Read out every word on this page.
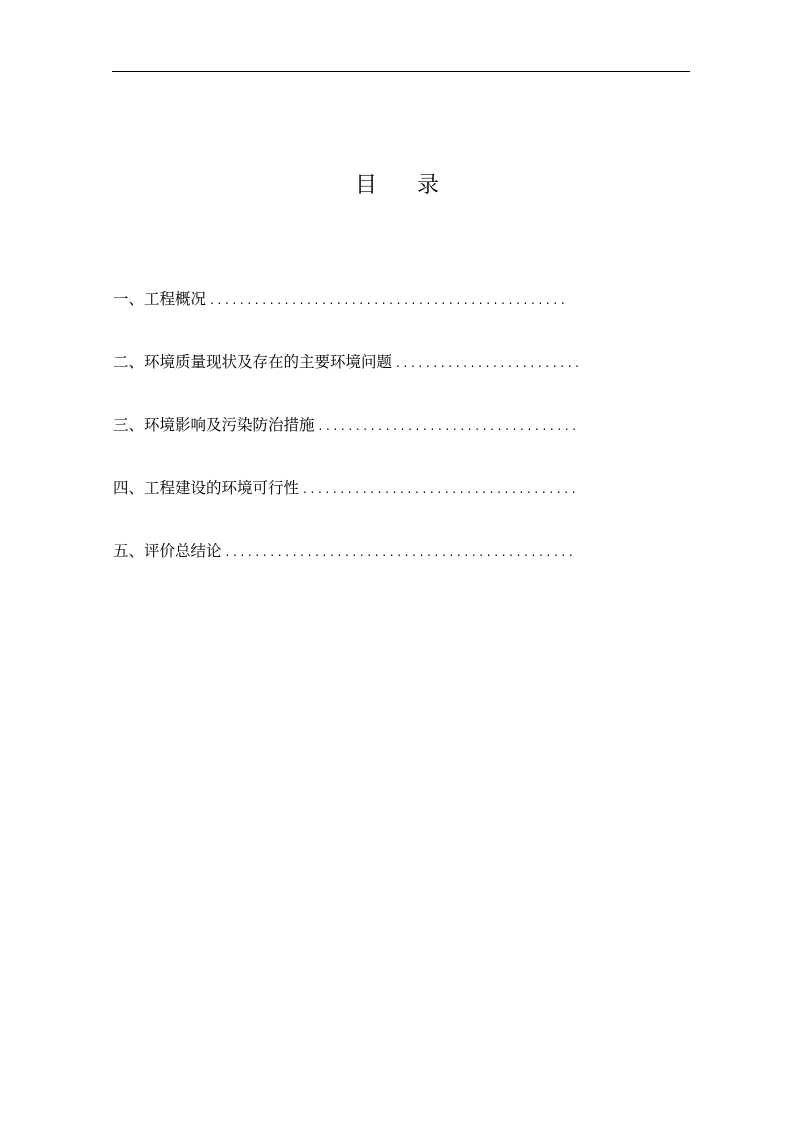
目 录
一、工程概况 ................................................
二、环境质量现状及存在的主要环境问题 .........................
三、环境影响及污染防治措施 ...................................
四、工程建设的环境可行性 .....................................
五、评价总结论 ...............................................
